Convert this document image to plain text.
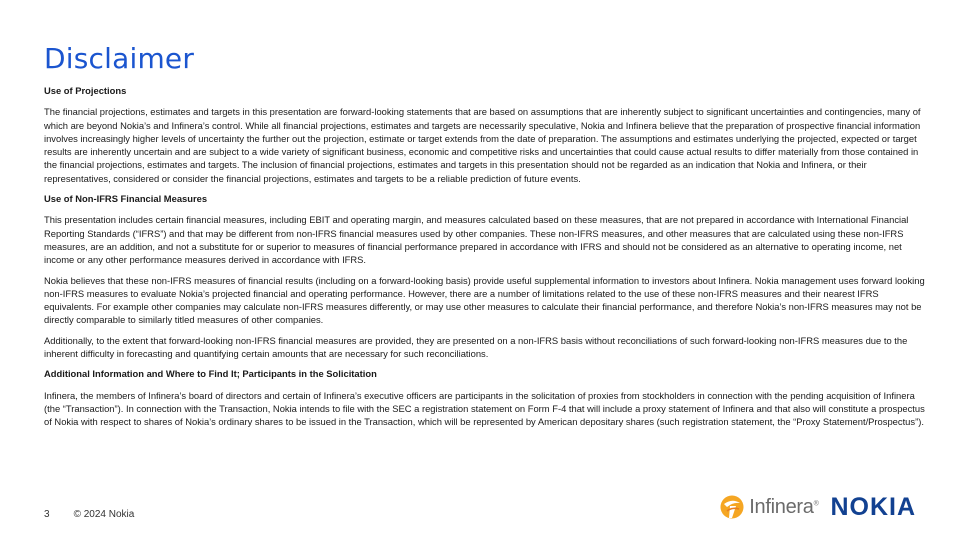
Disclaimer

Use of Projections

The financial projections, estimates and targets in this presentation are forward-looking statements that are based on assumptions that are inherently subject to significant uncertainties and contingencies, many of which are beyond Nokia’s and Infinera’s control. While all financial projections, estimates and targets are necessarily speculative, Nokia and Infinera believe that the preparation of prospective financial information involves increasingly higher levels of uncertainty the further out the projection, estimate or target extends from the date of preparation. The assumptions and estimates underlying the projected, expected or target results are inherently uncertain and are subject to a wide variety of significant business, economic and competitive risks and uncertainties that could cause actual results to differ materially from those contained in the financial projections, estimates and targets. The inclusion of financial projections, estimates and targets in this presentation should not be regarded as an indication that Nokia and Infinera, or their representatives, considered or consider the financial projections, estimates and targets to be a reliable prediction of future events.

Use of Non-IFRS Financial Measures

This presentation includes certain financial measures, including EBIT and operating margin, and measures calculated based on these measures, that are not prepared in accordance with International Financial Reporting Standards (“IFRS”) and that may be different from non-IFRS financial measures used by other companies. These non-IFRS measures, and other measures that are calculated using these non-IFRS measures, are an addition, and not a substitute for or superior to measures of financial performance prepared in accordance with IFRS and should not be considered as an alternative to operating income, net income or any other performance measures derived in accordance with IFRS.

Nokia believes that these non-IFRS measures of financial results (including on a forward-looking basis) provide useful supplemental information to investors about Infinera. Nokia management uses forward looking non-IFRS measures to evaluate Nokia’s projected financial and operating performance. However, there are a number of limitations related to the use of these non-IFRS measures and their nearest IFRS equivalents. For example other companies may calculate non-IFRS measures differently, or may use other measures to calculate their financial performance, and therefore Nokia’s non-IFRS measures may not be directly comparable to similarly titled measures of other companies.

Additionally, to the extent that forward-looking non-IFRS financial measures are provided, they are presented on a non-IFRS basis without reconciliations of such forward-looking non-IFRS measures due to the inherent difficulty in forecasting and quantifying certain amounts that are necessary for such reconciliations.

Additional Information and Where to Find It; Participants in the Solicitation

Infinera, the members of Infinera’s board of directors and certain of Infinera’s executive officers are participants in the solicitation of proxies from stockholders in connection with the pending acquisition of Infinera (the “Transaction”). In connection with the Transaction, Nokia intends to file with the SEC a registration statement on Form F-4 that will include a proxy statement of Infinera and that also will constitute a prospectus of Nokia with respect to shares of Nokia’s ordinary shares to be issued in the Transaction, which will be represented by American depositary shares (such registration statement, the “Proxy Statement/Prospectus”).

3 © 2024 Nokia	Infinera® NOKIA
